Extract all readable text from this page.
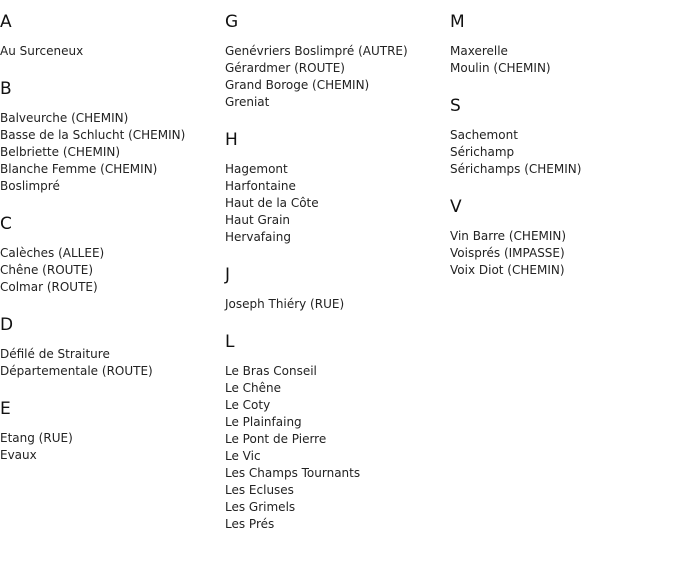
A
Au Surceneux
B
Balveurche (CHEMIN)
Basse de la Schlucht (CHEMIN)
Belbriette (CHEMIN)
Blanche Femme (CHEMIN)
Boslimpré
C
Calèches (ALLEE)
Chêne (ROUTE)
Colmar (ROUTE)
D
Défilé de Straiture
Départementale (ROUTE)
E
Etang (RUE)
Evaux
G
Genévriers Boslimpré (AUTRE)
Gérardmer (ROUTE)
Grand Boroge (CHEMIN)
Greniat
H
Hagemont
Harfontaine
Haut de la Côte
Haut Grain
Hervafaing
J
Joseph Thiéry (RUE)
L
Le Bras Conseil
Le Chêne
Le Coty
Le Plainfaing
Le Pont de Pierre
Le Vic
Les Champs Tournants
Les Ecluses
Les Grimels
Les Prés
M
Maxerelle
Moulin (CHEMIN)
S
Sachemont
Sérichamp
Sérichamps (CHEMIN)
V
Vin Barre (CHEMIN)
Voisprés (IMPASSE)
Voix Diot (CHEMIN)
